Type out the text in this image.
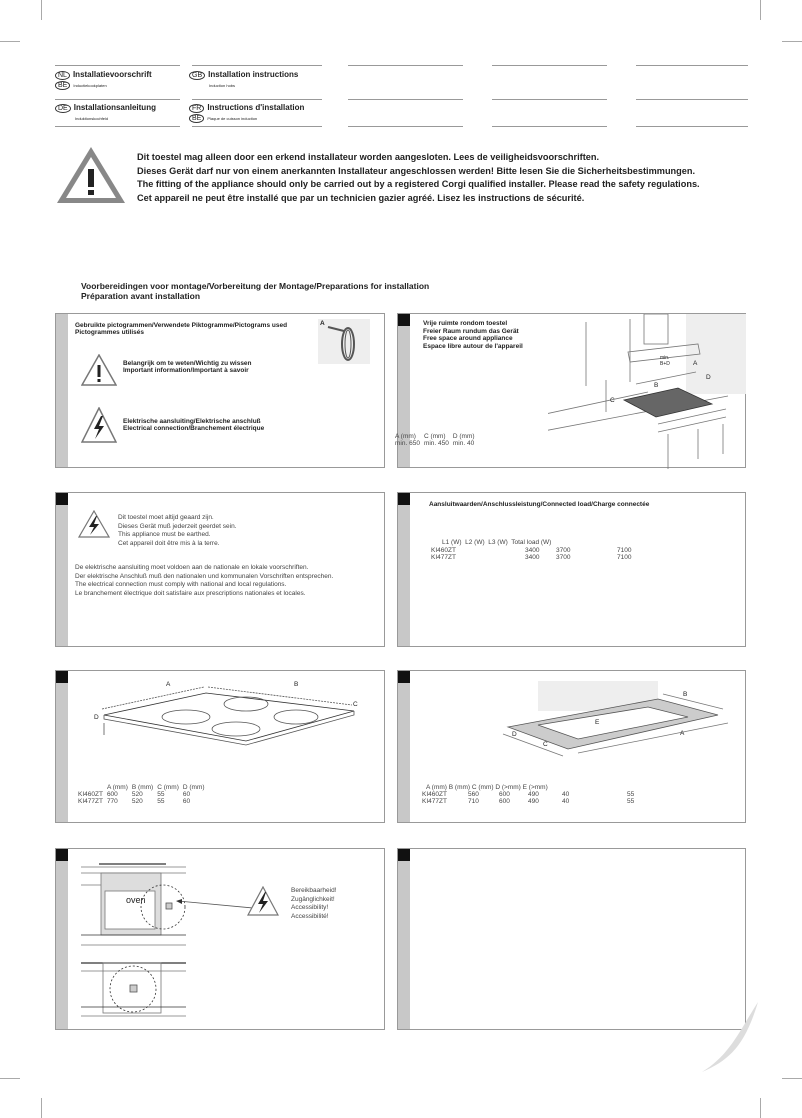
NL Installatievoorschrift
BE Inductiekookplaten
GB Installation instructions
Induction hobs
DE Installationsanleitung
Induktionskochfeld
FR Instructions d'installation
BE Plaque de cuisson induction
Dit toestel mag alleen door een erkend installateur worden aangesloten. Lees de veiligheidsvoorschriften.
Dieses Gerät darf nur von einem anerkannten Installateur angeschlossen werden! Bitte lesen Sie die Sicherheitsbestimmungen.
The fitting of the appliance should only be carried out by a registered Corgi qualified installer. Please read the safety regulations.
Cet appareil ne peut être installé que par un technicien gazier agréé. Lisez les instructions de sécurité.
Voorbereidingen voor montage/Vorbereitung der Montage/Preparations for installation
Préparation avant installation
Gebruikte pictogrammen/Verwendete Piktogramme/Pictograms used
Pictogrammes utilisés
A
Belangrijk om te weten/Wichtig zu wissen
Important information/Important à savoir
Elektrische aansluiting/Elektrische anschluß
Electrical connection/Branchement électrique
Vrije ruimte rondom toestel
Freier Raum rundum das Gerät
Free space around appliance
Espace libre autour de l'appareil
C
B
A
D
min.
B+D
A (mm)	C (mm)	D (mm)
min. 650	min. 450	min. 40
Dit toestel moet altijd geaard zijn.
Dieses Gerät muß jederzeit geerdet sein.
This appliance must be earthed.
Cet appareil doit être mis à la terre.
De elektrische aansluiting moet voldoen aan de nationale en lokale voorschriften.
Der elektrische Anschluß muß den nationalen und kommunalen Vorschriften entsprechen.
The electrical connection must comply with national and local regulations.
Le branchement électrique doit satisfaire aux prescriptions nationales et locales.
Aansluitwaarden/Anschlussleistung/Connected load/Charge connectée
L1 (W) L2 (W) L3 (W) Total load (W)
KI460ZT	3400	3700	7100
KI477ZT	3400	3700	7100
A	B
C
D
	A (mm)	B (mm)	C (mm)	D (mm)
KI460ZT	600	520	55	60
KI477ZT	770	520	55	60
B
A
C
D
E
A (mm) B (mm) C (mm) D (>mm) E (>mm)
KI460ZT	560	600	490	40	55
KI477ZT	710	600	490	40	55
oven
Bereikbaarheid!
Zugänglichkeit!
Accessibility!
Accessibilité!
